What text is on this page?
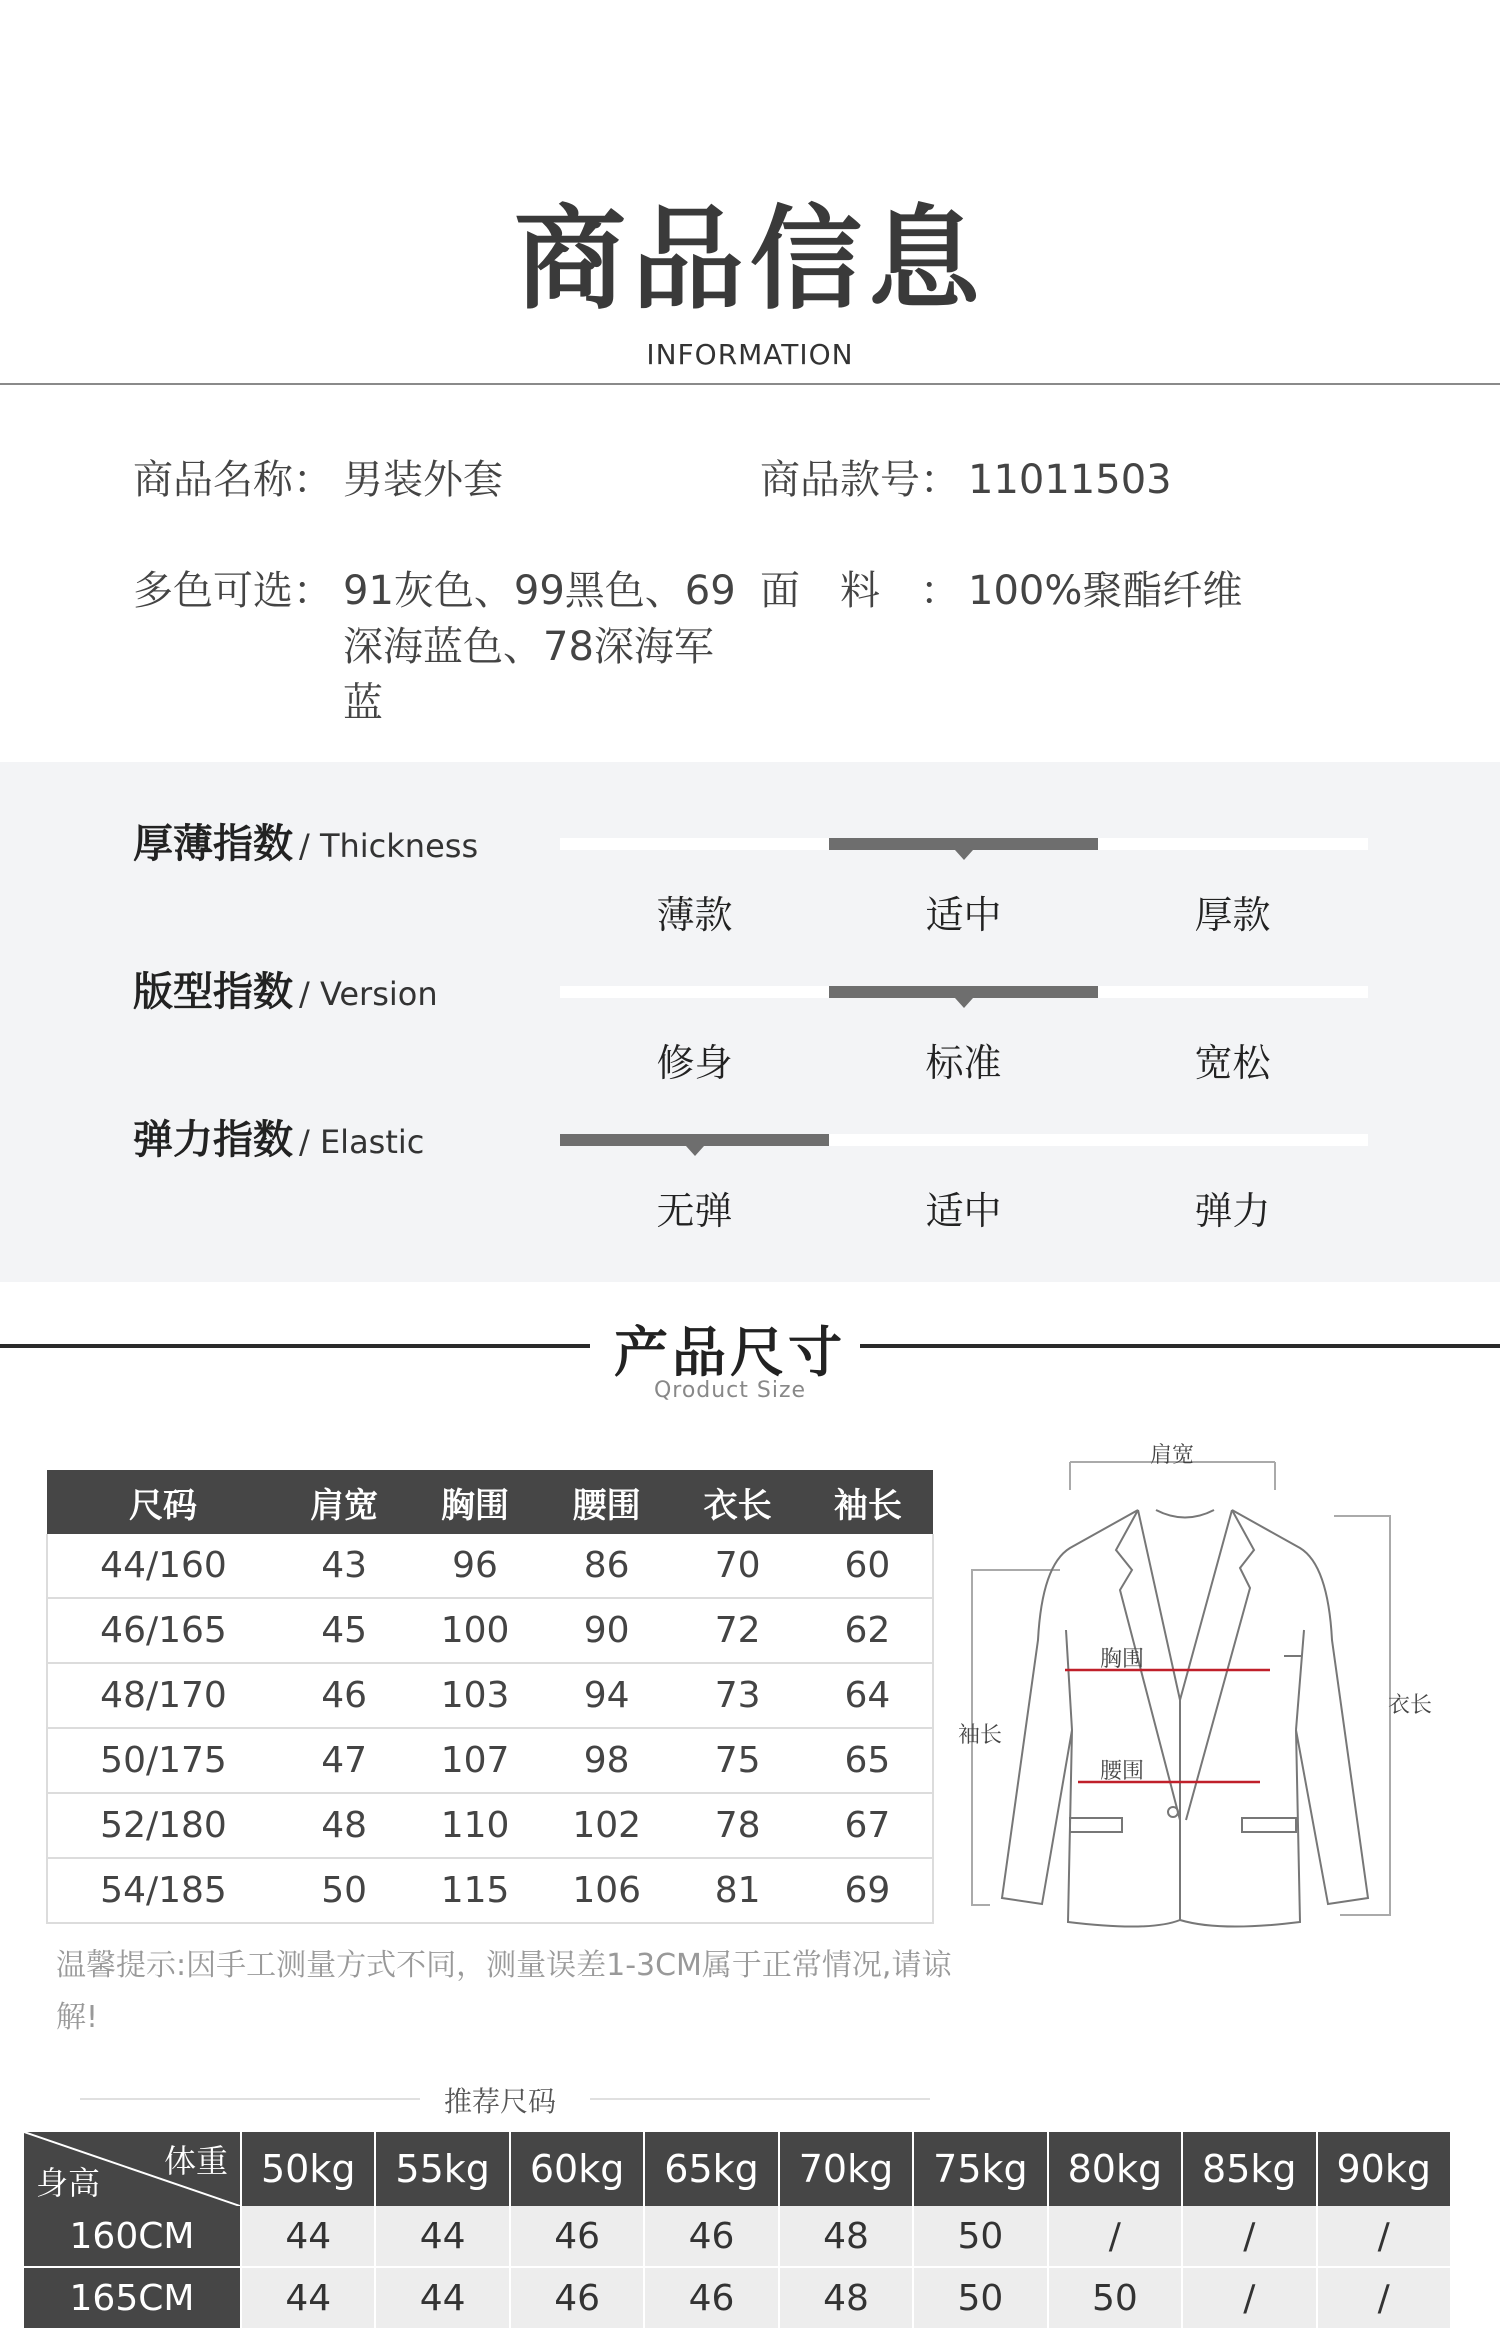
商品信息
INFORMATION
商品名称： 男装外套	商品款号： 11011503
多色可选： 91灰色、99黑色、69深海蓝色、78深海军蓝
面　料　： 100%聚酯纤维
厚薄指数 / Thickness
薄款	适中	厚款
版型指数 / Version
修身	标准	宽松
弹力指数 / Elastic
无弹	适中	弹力
产品尺寸
Qroduct Size
尺码	肩宽	胸围	腰围	衣长	袖长
44/160	43	96	86	70	60
46/165	45	100	90	72	62
48/170	46	103	94	73	64
50/175	47	107	98	75	65
52/180	48	110	102	78	67
54/185	50	115	106	81	69
肩宽
胸围
腰围
袖长
衣长
温馨提示:因手工测量方式不同，测量误差1-3CM属于正常情况,请谅解!
推荐尺码
体重
身高	50kg	55kg	60kg	65kg	70kg	75kg	80kg	85kg	90kg
160CM	44	44	46	46	48	50	/	/	/
165CM	44	44	46	46	48	50	50	/	/
